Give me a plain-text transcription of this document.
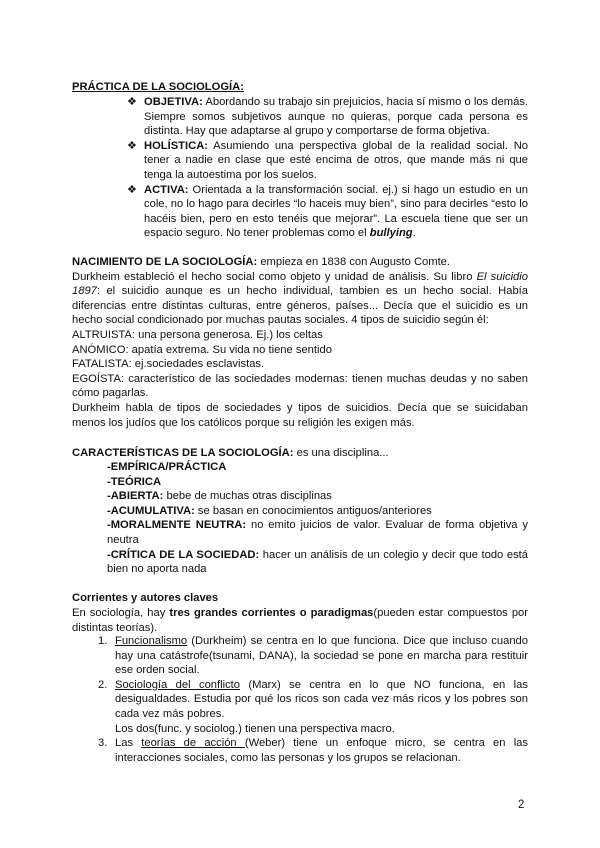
PRÁCTICA DE LA SOCIOLOGÍA:
❖ OBJETIVA: Abordando su trabajo sin prejuicios, hacia sí mismo o los demás. Siempre somos subjetivos aunque no quieras, porque cada persona es distinta. Hay que adaptarse al grupo y comportarse de forma objetiva.
❖ HOLÍSTICA: Asumiendo una perspectiva global de la realidad social. No tener a nadie en clase que esté encima de otros, que mande más ni que tenga la autoestima por los suelos.
❖ ACTIVA: Orientada a la transformación social. ej.) si hago un estudio en un cole, no lo hago para decirles “lo haceis muy bien”, sino para decirles “esto lo hacéis bien, pero en esto tenéis que mejorar”. La escuela tiene que ser un espacio seguro. No tener problemas como el bullying.
NACIMIENTO DE LA SOCIOLOGÍA: empieza en 1838 con Augusto Comte.
Durkheim estableció el hecho social como objeto y unidad de análisis. Su libro El suicidio 1897: el suicidio aunque es un hecho individual, tambien es un hecho social. Había diferencias entre distintas culturas, entre géneros, países... Decía que el suicidio es un hecho social condicionado por muchas pautas sociales. 4 tipos de suicidio según él:
ALTRUISTA: una persona generosa. Ej.) los celtas
ANÓMICO: apatía extrema. Su vida no tiene sentido
FATALISTA: ej.sociedades esclavistas.
EGOÍSTA: característico de las sociedades modernas: tienen muchas deudas y no saben cómo pagarlas.
Durkheim habla de tipos de sociedades y tipos de suicidios. Decía que se suicidaban menos los judíos que los católicos porque su religión les exigen más.
CARACTERÍSTICAS DE LA SOCIOLOGÍA: es una disciplina...
-EMPÍRICA/PRÁCTICA
-TEÓRICA
-ABIERTA: bebe de muchas otras disciplinas
-ACUMULATIVA: se basan en conocimientos antiguos/anteriores
-MORALMENTE NEUTRA: no emito juicios de valor. Evaluar de forma objetiva y neutra
-CRÍTICA DE LA SOCIEDAD: hacer un análisis de un colegio y decir que todo está bien no aporta nada
Corrientes y autores claves
En sociología, hay tres grandes corrientes o paradigmas(pueden estar compuestos por distintas teorías).
1. Funcionalismo (Durkheim) se centra en lo que funciona. Dice que incluso cuando hay una catástrofe(tsunami, DANA), la sociedad se pone en marcha para restituir ese orden social.
2. Sociología del conflicto (Marx) se centra en lo que NO funciona, en las desigualdades. Estudia por qué los ricos son cada vez más ricos y los pobres son cada vez más pobres.
Los dos(func. y sociolog.) tienen una perspectiva macro.
3. Las teorías de acción (Weber) tiene un enfoque micro, se centra en las interacciones sociales, como las personas y los grupos se relacionan.
2
